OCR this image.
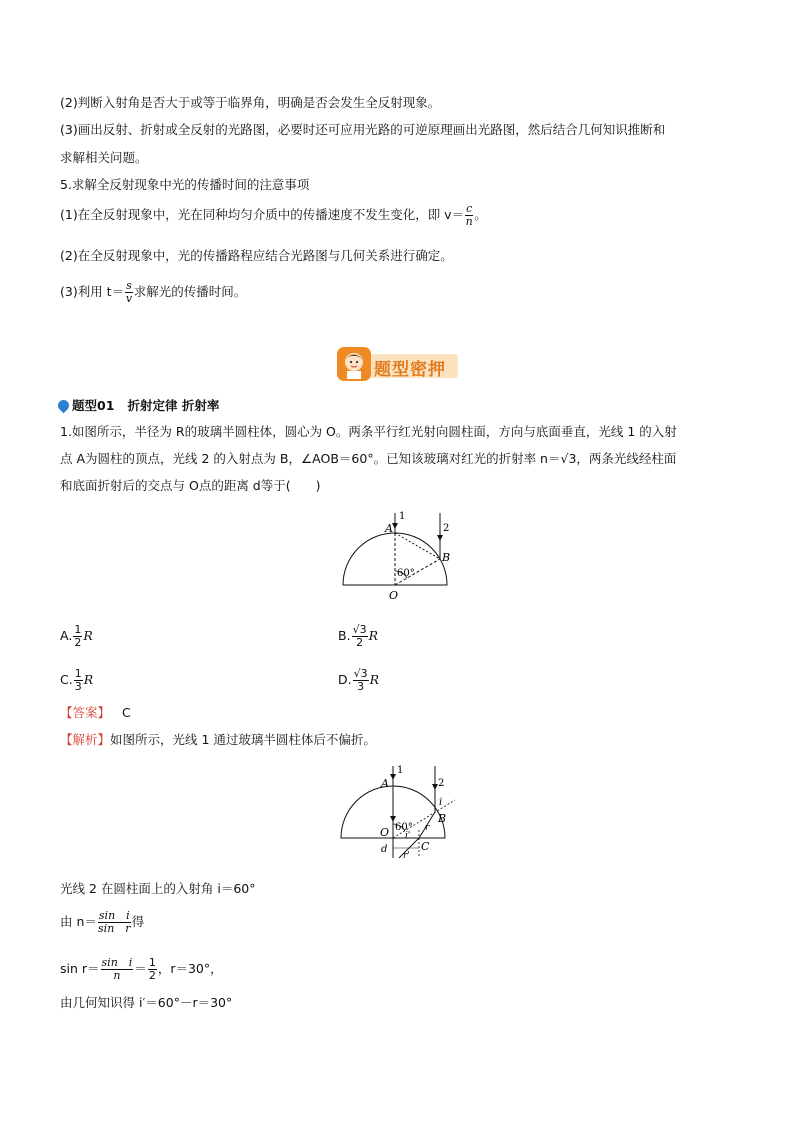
(2)判断入射角是否大于或等于临界角，明确是否会发生全反射现象。
(3)画出反射、折射或全反射的光路图，必要时还可应用光路的可逆原理画出光路图，然后结合几何知识推断和
求解相关问题。
5.求解全反射现象中光的传播时间的注意事项
(1)在全反射现象中，光在同种均匀介质中的传播速度不发生变化，即 $v= \frac{c}{n}$ 。
(2)在全反射现象中，光的传播路程应结合光路图与几何关系进行确定。
(3)利用 $t= \frac{s}{v}$ 求解光的传播时间。
题型密押
题型01 折射定律 折射率
1.如图所示，半径为 R的玻璃半圆柱体，圆心为 O。两条平行红光射向圆柱面，方向与底面垂直，光线 1 的入射
点 A为圆柱的顶点，光线 2 的入射点为 B，∠AOB＝60°。已知该玻璃对红光的折射率 n＝√3，两条光线经柱面
和底面折射后的交点与 O点的距离 d等于(　　)
A
B
O
1
2
60°
A. $\frac{1}{2}$ R	B. $\frac{√3}{2}$ R
C. $\frac{1}{3}$ R	D. $\frac{√3}{3}$ R
【答案】 C
【解析】如图所示，光线 1 通过玻璃半圆柱体后不偏折。
A
B
O
C
d
1
2
60°
i
i'
r
r'
光线 2 在圆柱面上的入射角 i＝60°
由 $n= \frac{\text{sin　i}}{\text{sin　r}}$ 得
$\sin r= \frac{\text{sin　i}}{n} = \frac{1}{2}$ ，r＝30°，
由几何知识得 i′＝60°－r＝30°
